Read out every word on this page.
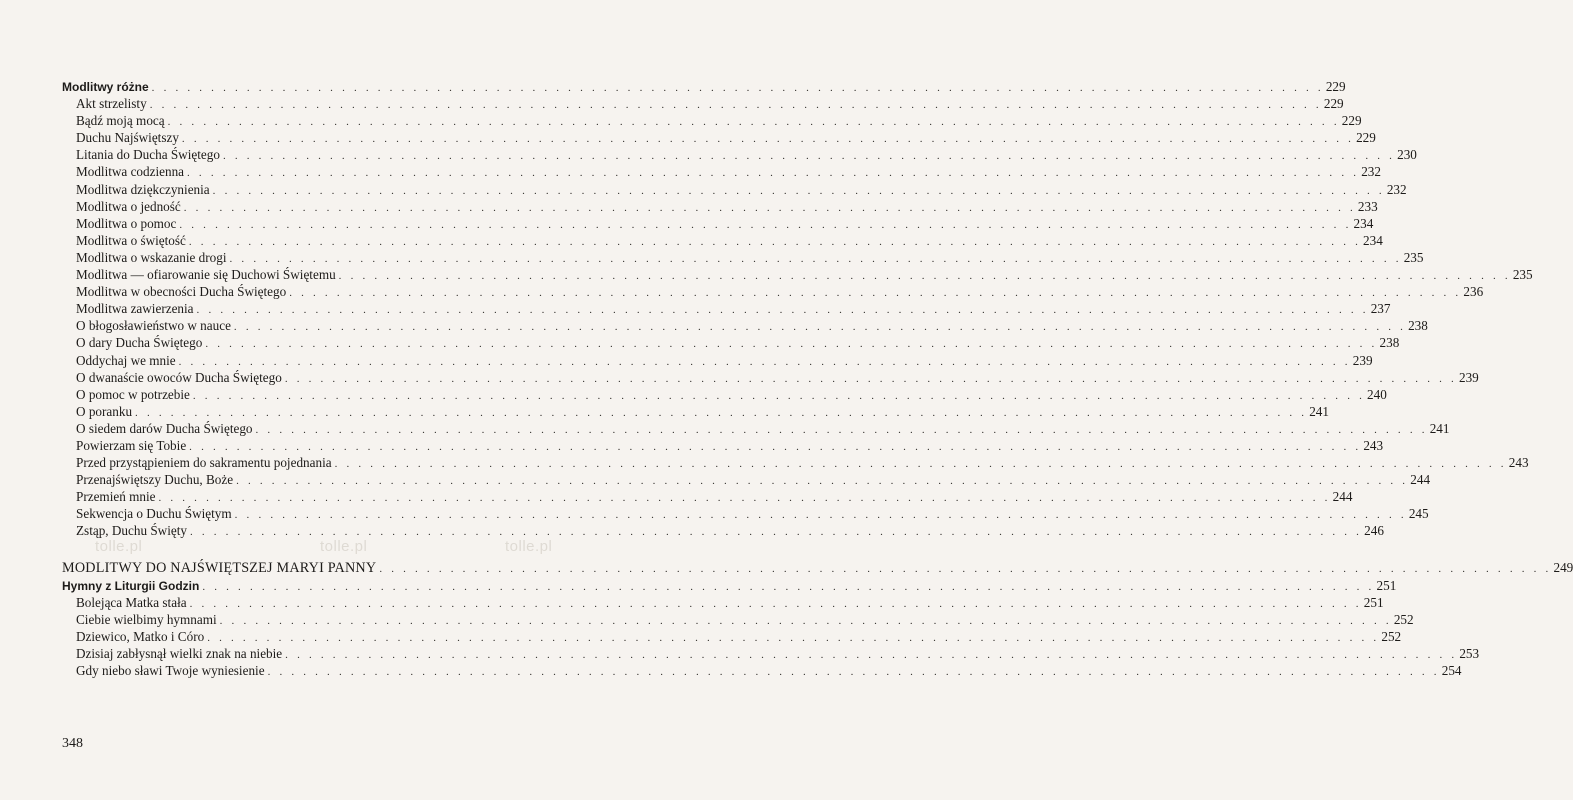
tolle.pl
tolle.pl	tolle.pl
Modlitwy różne . . .	229
Akt strzelisty . . .	229
Bądź moją mocą . . .	229
Duchu Najświętszy . . .	229
Litania do Ducha Świętego . . .	230
Modlitwa codzienna . . .	232
Modlitwa dziękczynienia . . .	232
Modlitwa o jedność . . .	233
Modlitwa o pomoc . . .	234
Modlitwa o świętość . . .	234
Modlitwa o wskazanie drogi . . .	235
Modlitwa — ofiarowanie się Duchowi Świętemu . . .	235
Modlitwa w obecności Ducha Świętego . . .	236
Modlitwa zawierzenia . . .	237
O błogosławieństwo w nauce . . .	238
O dary Ducha Świętego . . .	238
Oddychaj we mnie . . .	239
O dwanaście owoców Ducha Świętego . . .	239
O pomoc w potrzebie . . .	240
O poranku . . .	241
O siedem darów Ducha Świętego . . .	241
Powierzam się Tobie . . .	243
Przed przystąpieniem do sakramentu pojednania . . .	243
Przenajświętszy Duchu, Boże . . .	244
Przemień mnie . . .	244
Sekwencja o Duchu Świętym . . .	245
Zstąp, Duchu Święty . . .	246
MODLITWY DO NAJŚWIĘTSZEJ MARYI PANNY . . .	249
Hymny z Liturgii Godzin . . .	251
Bolejąca Matka stała . . .	251
Ciebie wielbimy hymnami . . .	252
Dziewico, Matko i Córo . . .	252
Dzisiaj zabłysnął wielki znak na niebie . . .	253
Gdy niebo sławi Twoje wyniesienie . . .	254
348
